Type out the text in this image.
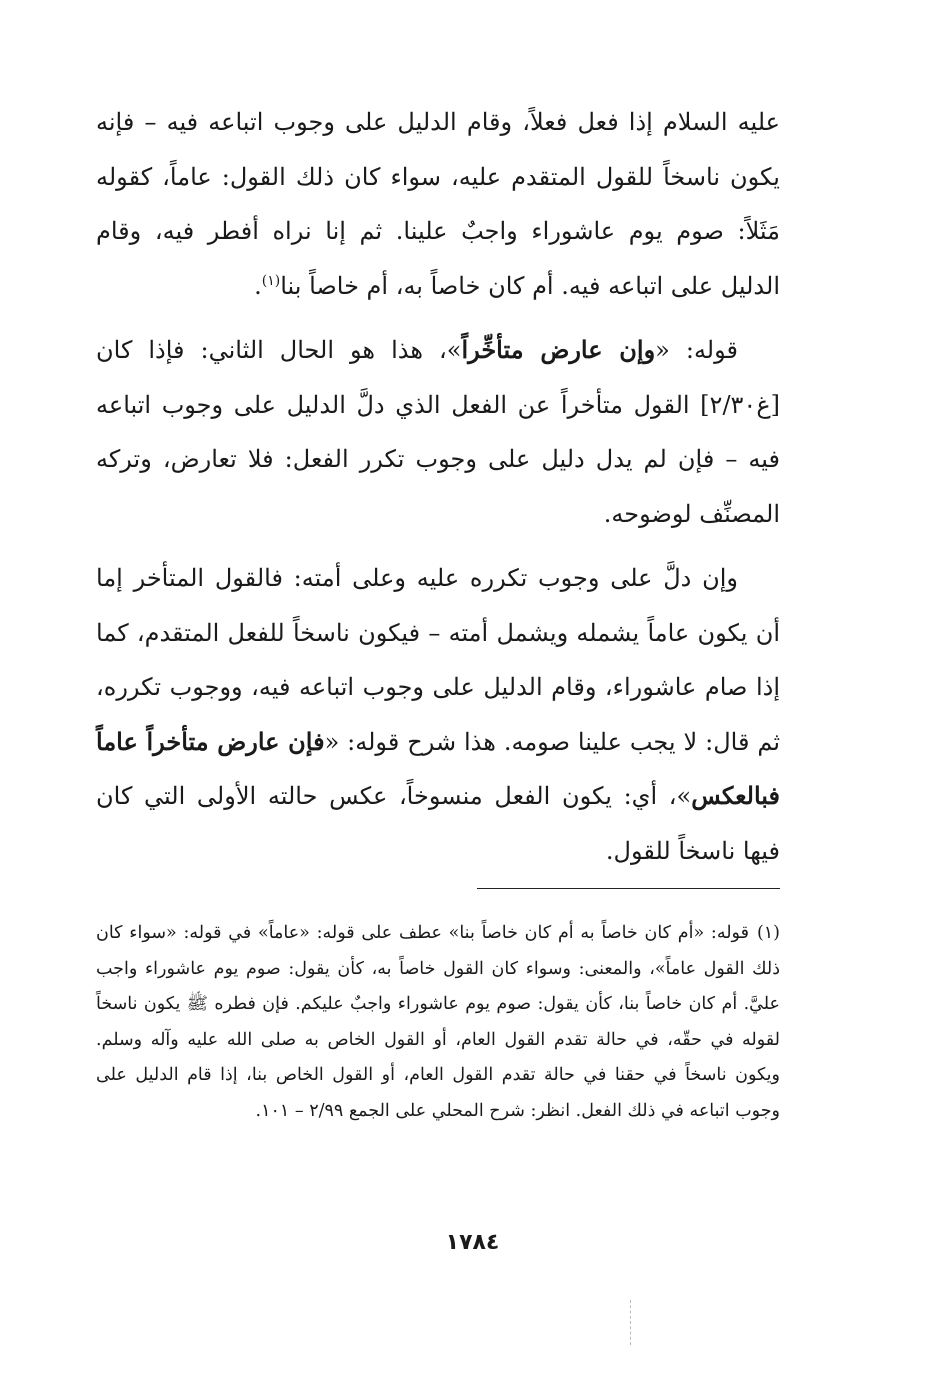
عليه السلام إذا فعل فعلاً، وقام الدليل على وجوب اتباعه فيه – فإنه يكون ناسخاً للقول المتقدم عليه، سواء كان ذلك القول: عاماً، كقوله مَثَلاً: صوم يوم عاشوراء واجبٌ علينا. ثم إنا نراه أفطر فيه، وقام الدليل على اتباعه فيه. أم كان خاصاً به، أم خاصاً بنا$^{(١)}$.

قوله: «وإن عارض متأخِّراً»، هذا هو الحال الثاني: فإذا كان [غ٢/٣٠] القول متأخراً عن الفعل الذي دلَّ الدليل على وجوب اتباعه فيه – فإن لم يدل دليل على وجوب تكرر الفعل: فلا تعارض، وتركه المصنِّف لوضوحه.

وإن دلَّ على وجوب تكرره عليه وعلى أمته: فالقول المتأخر إما أن يكون عاماً يشمله ويشمل أمته – فيكون ناسخاً للفعل المتقدم، كما إذا صام عاشوراء، وقام الدليل على وجوب اتباعه فيه، ووجوب تكرره، ثم قال: لا يجب علينا صومه. هذا شرح قوله: «فإن عارض متأخراً عاماً فبالعكس»، أي: يكون الفعل منسوخاً، عكس حالته الأولى التي كان فيها ناسخاً للقول.

(١)قوله: «أم كان خاصاً به أم كان خاصاً بنا» عطف على قوله: «عاماً» في قوله: «سواء كان ذلك القول عاماً»، والمعنى: وسواء كان القول خاصاً به، كأن يقول: صوم يوم عاشوراء واجب عليَّ. أم كان خاصاً بنا، كأن يقول: صوم يوم عاشوراء واجبٌ عليكم. فإن فطره ﷺ يكون ناسخاً لقوله في حقّه، في حالة تقدم القول العام، أو القول الخاص به صلى الله عليه وآله وسلم. ويكون ناسخاً في حقنا في حالة تقدم القول العام، أو القول الخاص بنا، إذا قام الدليل على وجوب اتباعه في ذلك الفعل. انظر: شرح المحلي على الجمع ٢/٩٩ – ١٠١.
١٧٨٤
